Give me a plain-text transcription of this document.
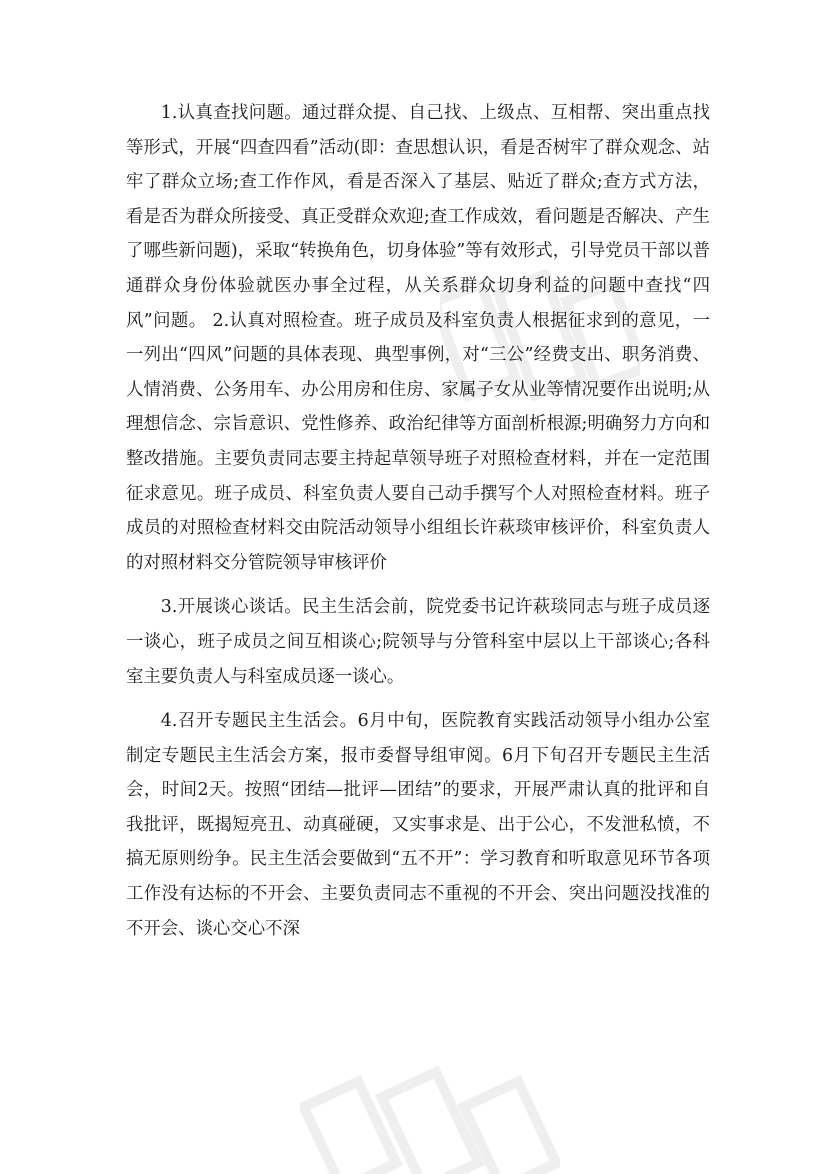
1.认真查找问题。通过群众提、自己找、上级点、互相帮、突出重点找等形式，开展“四查四看”活动(即：查思想认识，看是否树牢了群众观念、站牢了群众立场;查工作作风，看是否深入了基层、贴近了群众;查方式方法，看是否为群众所接受、真正受群众欢迎;查工作成效，看问题是否解决、产生了哪些新问题)，采取“转换角色，切身体验”等有效形式，引导党员干部以普通群众身份体验就医办事全过程，从关系群众切身利益的问题中查找“四风”问题。 2.认真对照检查。班子成员及科室负责人根据征求到的意见，一一列出“四风”问题的具体表现、典型事例，对“三公”经费支出、职务消费、人情消费、公务用车、办公用房和住房、家属子女从业等情况要作出说明;从理想信念、宗旨意识、党性修养、政治纪律等方面剖析根源;明确努力方向和整改措施。主要负责同志要主持起草领导班子对照检查材料，并在一定范围征求意见。班子成员、科室负责人要自己动手撰写个人对照检查材料。班子成员的对照检查材料交由院活动领导小组组长许萩琰审核评价，科室负责人的对照材料交分管院领导审核评价

3.开展谈心谈话。民主生活会前，院党委书记许萩琰同志与班子成员逐一谈心，班子成员之间互相谈心;院领导与分管科室中层以上干部谈心;各科室主要负责人与科室成员逐一谈心。

4.召开专题民主生活会。6月中旬，医院教育实践活动领导小组办公室制定专题民主生活会方案，报市委督导组审阅。6月下旬召开专题民主生活会，时间2天。按照“团结—批评—团结”的要求，开展严肃认真的批评和自我批评，既揭短亮丑、动真碰硬，又实事求是、出于公心，不发泄私愤，不搞无原则纷争。民主生活会要做到“五不开”：学习教育和听取意见环节各项工作没有达标的不开会、主要负责同志不重视的不开会、突出问题没找准的不开会、谈心交心不深
